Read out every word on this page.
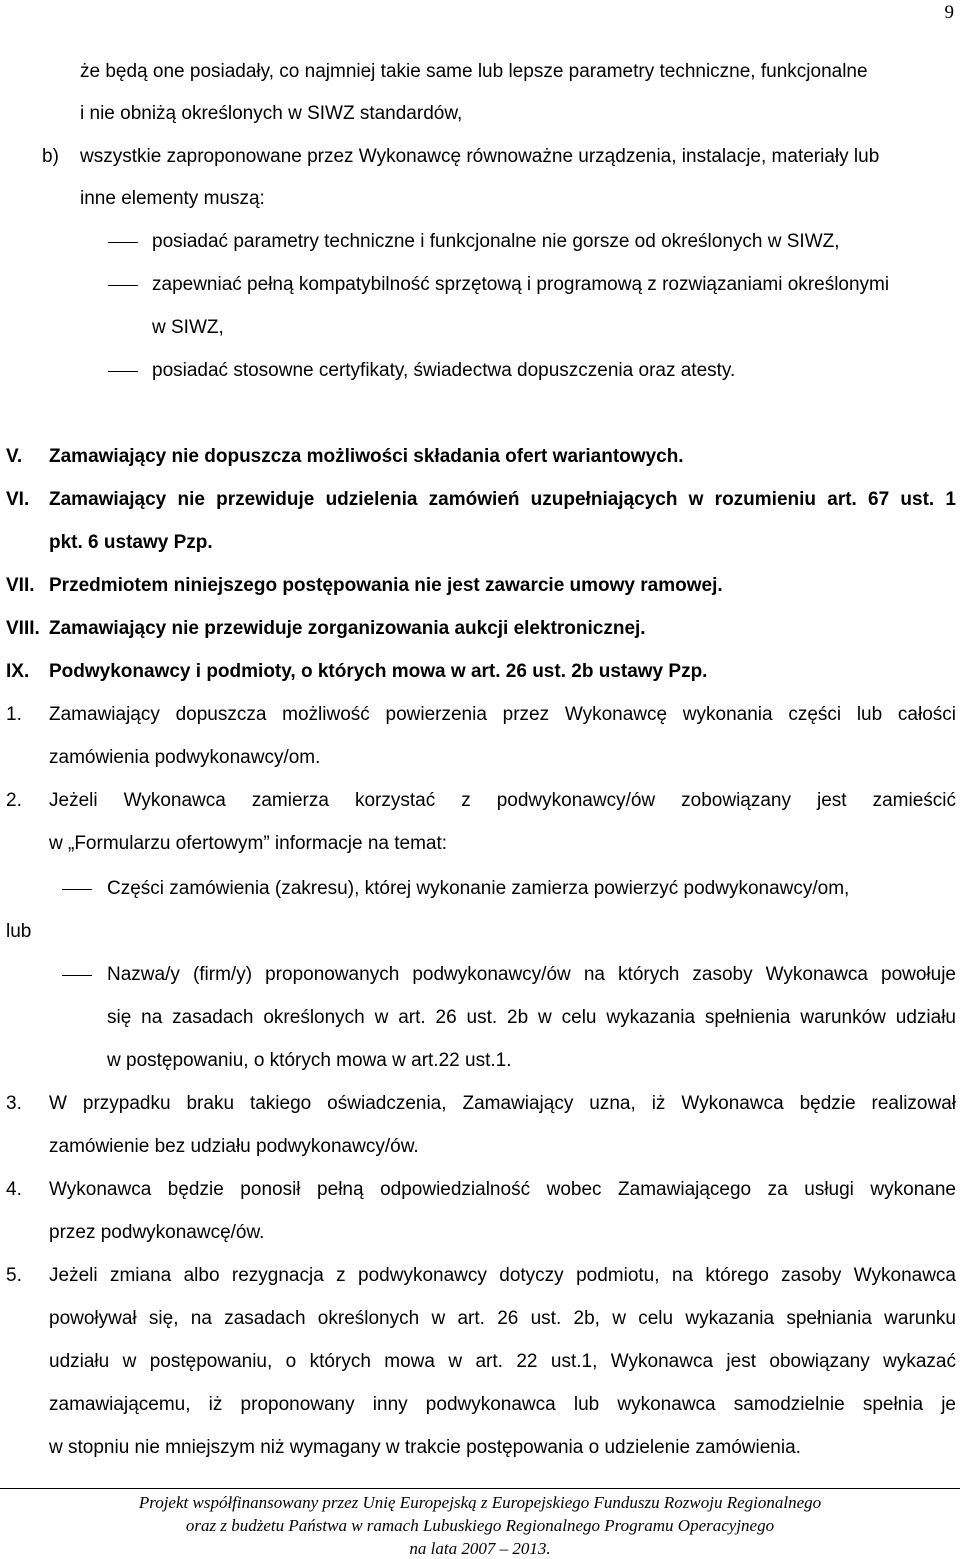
9
że będą one posiadały, co najmniej takie same lub lepsze parametry techniczne, funkcjonalne
i nie obniżą określonych w SIWZ standardów,
b) wszystkie zaproponowane przez Wykonawcę równoważne urządzenia, instalacje, materiały lub
inne elementy muszą:
posiadać parametry techniczne i funkcjonalne nie gorsze od określonych w SIWZ,
zapewniać pełną kompatybilność sprzętową i programową z rozwiązaniami określonymi
w SIWZ,
posiadać stosowne certyfikaty, świadectwa dopuszczenia oraz atesty.
V. Zamawiający nie dopuszcza możliwości składania ofert wariantowych.
VI. Zamawiający nie przewiduje udzielenia zamówień uzupełniających w rozumieniu art. 67 ust. 1
pkt. 6 ustawy Pzp.
VII. Przedmiotem niniejszego postępowania nie jest zawarcie umowy ramowej.
VIII. Zamawiający nie przewiduje zorganizowania aukcji elektronicznej.
IX. Podwykonawcy i podmioty, o których mowa w art. 26 ust. 2b ustawy Pzp.
1. Zamawiający dopuszcza możliwość powierzenia przez Wykonawcę wykonania części lub całości
zamówienia podwykonawcy/om.
2. Jeżeli Wykonawca zamierza korzystać z podwykonawcy/ów zobowiązany jest zamieścić
w „Formularzu ofertowym” informacje na temat:
Części zamówienia (zakresu), której wykonanie zamierza powierzyć podwykonawcy/om,
lub
Nazwa/y (firm/y) proponowanych podwykonawcy/ów na których zasoby Wykonawca powołuje
się na zasadach określonych w art. 26 ust. 2b w celu wykazania spełnienia warunków udziału
w postępowaniu, o których mowa w art.22 ust.1.
3. W przypadku braku takiego oświadczenia, Zamawiający uzna, iż Wykonawca będzie realizował
zamówienie bez udziału podwykonawcy/ów.
4. Wykonawca będzie ponosił pełną odpowiedzialność wobec Zamawiającego za usługi wykonane
przez podwykonawcę/ów.
5. Jeżeli zmiana albo rezygnacja z podwykonawcy dotyczy podmiotu, na którego zasoby Wykonawca
powoływał się, na zasadach określonych w art. 26 ust. 2b, w celu wykazania spełniania warunku
udziału w postępowaniu, o których mowa w art. 22 ust.1, Wykonawca jest obowiązany wykazać
zamawiającemu, iż proponowany inny podwykonawca lub wykonawca samodzielnie spełnia je
w stopniu nie mniejszym niż wymagany w trakcie postępowania o udzielenie zamówienia.
Projekt współfinansowany przez Unię Europejską z Europejskiego Funduszu Rozwoju Regionalnego
oraz z budżetu Państwa w ramach Lubuskiego Regionalnego Programu Operacyjnego
na lata 2007 – 2013.
